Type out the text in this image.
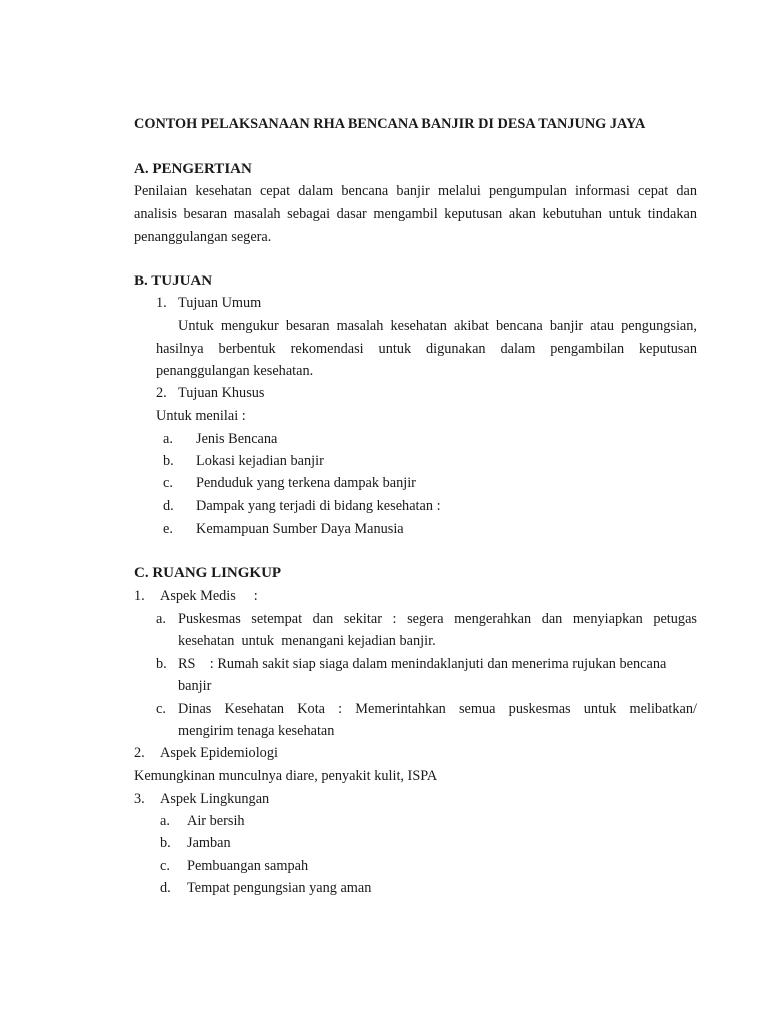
CONTOH PELAKSANAAN RHA BENCANA BANJIR DI DESA TANJUNG JAYA
A. PENGERTIAN
Penilaian kesehatan cepat dalam bencana banjir melalui pengumpulan informasi cepat dan
analisis besaran masalah sebagai dasar mengambil keputusan akan kebutuhan untuk tindakan
penanggulangan segera.
B. TUJUAN
1. Tujuan Umum
Untuk mengukur besaran masalah kesehatan akibat bencana banjir atau pengungsian,
hasilnya berbentuk rekomendasi untuk digunakan dalam pengambilan keputusan
penanggulangan kesehatan.
2. Tujuan Khusus
Untuk menilai :
a. Jenis Bencana
b. Lokasi kejadian banjir
c. Penduduk yang terkena dampak banjir
d. Dampak yang terjadi di bidang kesehatan :
e. Kemampuan Sumber Daya Manusia
C. RUANG LINGKUP
1. Aspek Medis     :
a. Puskesmas setempat dan sekitar : segera mengerahkan dan menyiapkan petugas
kesehatan  untuk  menangani kejadian banjir.
b. RS    : Rumah sakit siap siaga dalam menindaklanjuti dan menerima rujukan bencana
banjir
c. Dinas Kesehatan Kota : Memerintahkan semua puskesmas untuk melibatkan/
mengirim tenaga kesehatan
2. Aspek Epidemiologi
Kemungkinan munculnya diare, penyakit kulit, ISPA
3. Aspek Lingkungan
a. Air bersih
b. Jamban
c. Pembuangan sampah
d. Tempat pengungsian yang aman
